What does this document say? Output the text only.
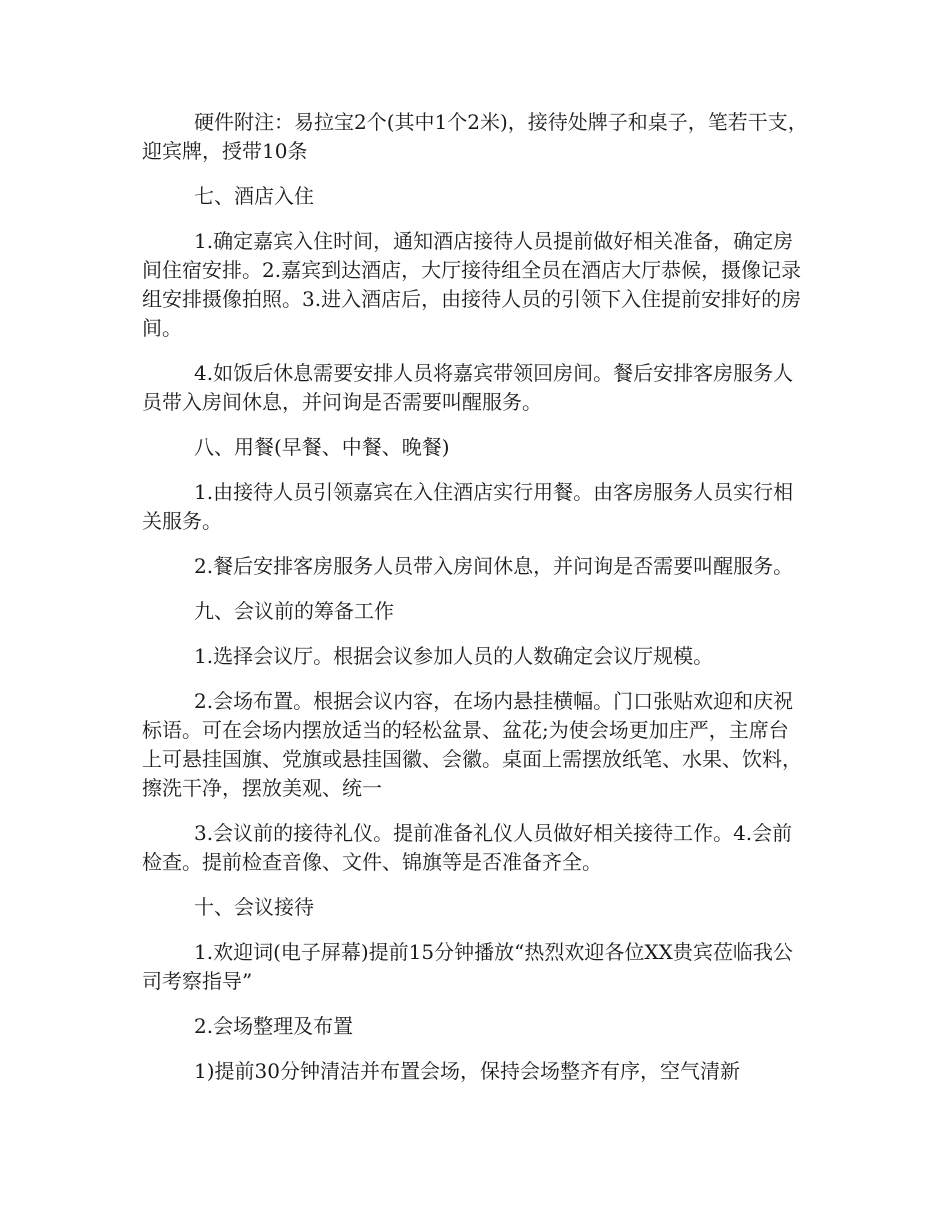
硬件附注：易拉宝2个(其中1个2米)，接待处牌子和桌子，笔若干支，迎宾牌，授带10条

七、酒店入住

1.确定嘉宾入住时间，通知酒店接待人员提前做好相关准备，确定房间住宿安排。2.嘉宾到达酒店，大厅接待组全员在酒店大厅恭候，摄像记录组安排摄像拍照。3.进入酒店后，由接待人员的引领下入住提前安排好的房间。

4.如饭后休息需要安排人员将嘉宾带领回房间。餐后安排客房服务人员带入房间休息，并问询是否需要叫醒服务。

八、用餐(早餐、中餐、晚餐)

1.由接待人员引领嘉宾在入住酒店实行用餐。由客房服务人员实行相关服务。

2.餐后安排客房服务人员带入房间休息，并问询是否需要叫醒服务。

九、会议前的筹备工作

1.选择会议厅。根据会议参加人员的人数确定会议厅规模。

2.会场布置。根据会议内容，在场内悬挂横幅。门口张贴欢迎和庆祝标语。可在会场内摆放适当的轻松盆景、盆花;为使会场更加庄严，主席台上可悬挂国旗、党旗或悬挂国徽、会徽。桌面上需摆放纸笔、水果、饮料，擦洗干净，摆放美观、统一

3.会议前的接待礼仪。提前准备礼仪人员做好相关接待工作。4.会前检查。提前检查音像、文件、锦旗等是否准备齐全。

十、会议接待

1.欢迎词(电子屏幕)提前15分钟播放“热烈欢迎各位XX贵宾莅临我公司考察指导”

2.会场整理及布置

1)提前30分钟清洁并布置会场，保持会场整齐有序，空气清新
